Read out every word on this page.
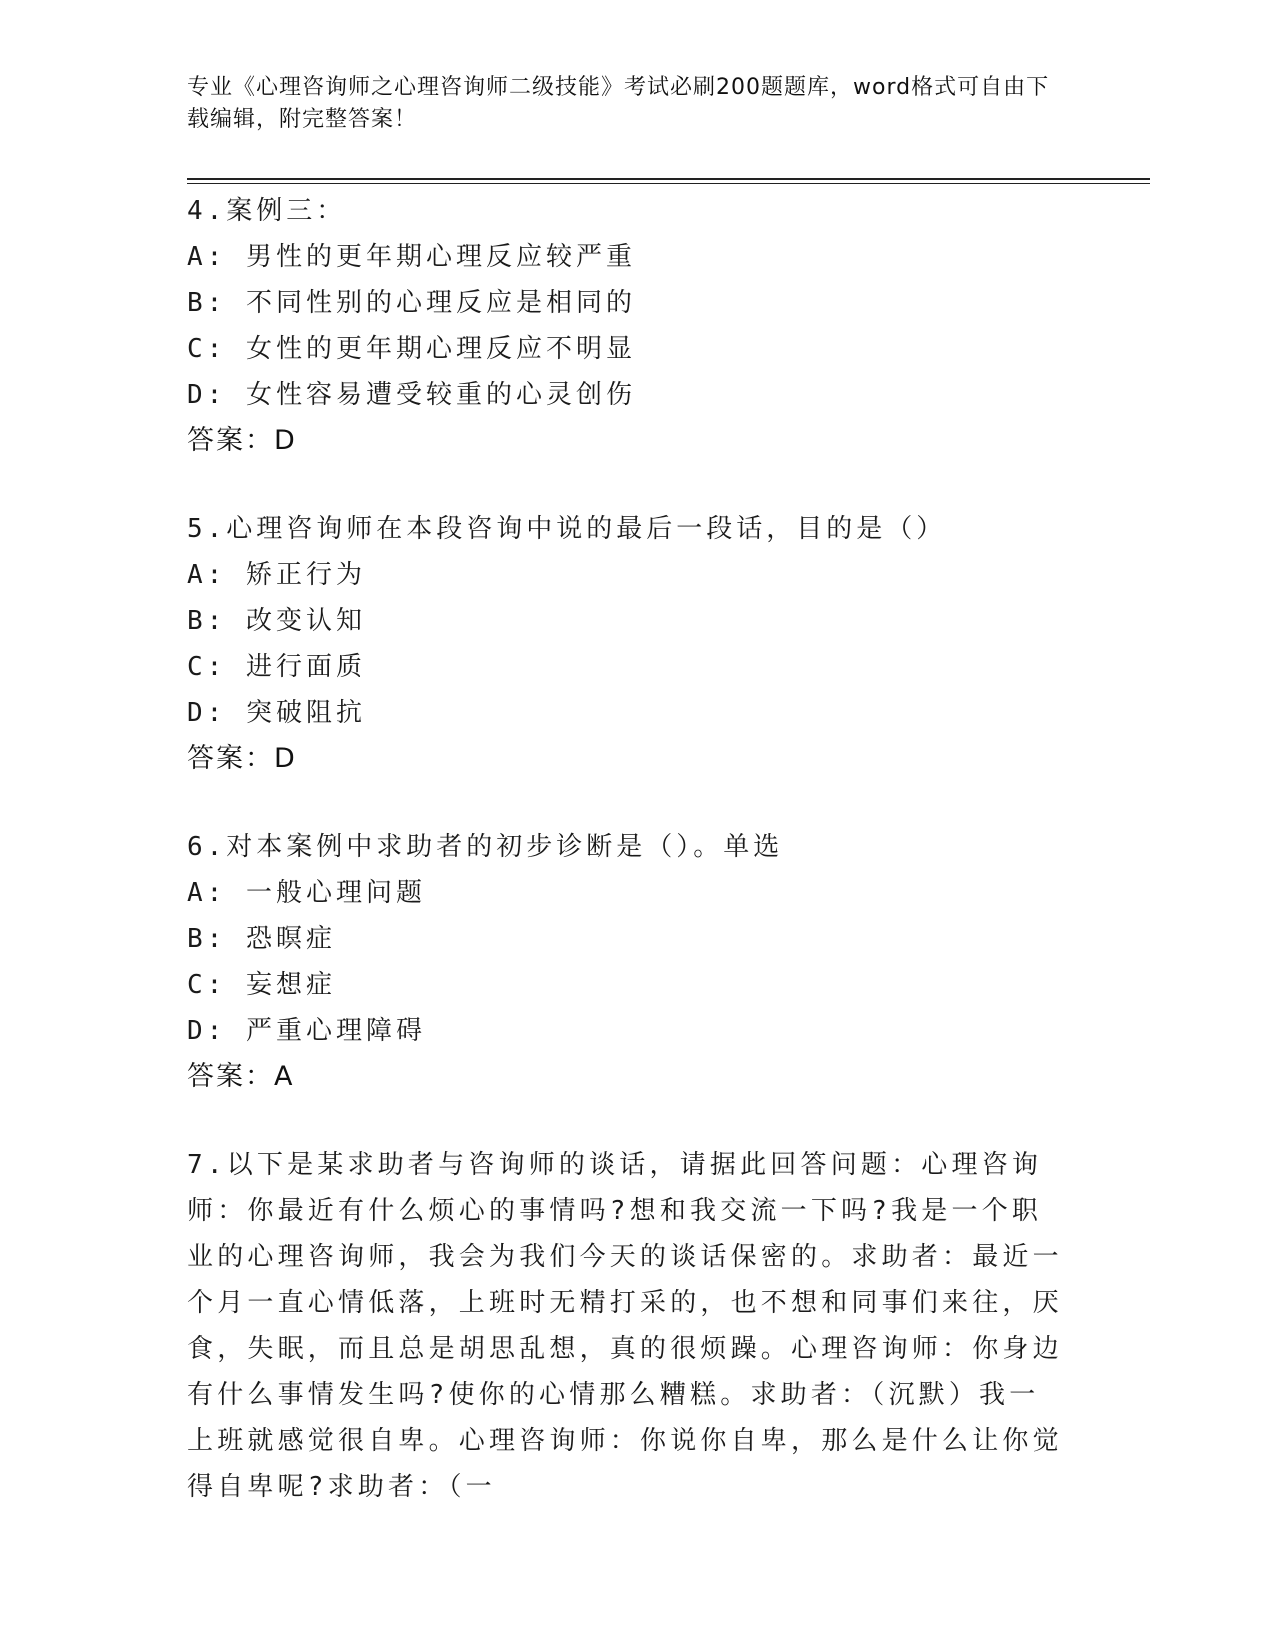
专业《心理咨询师之心理咨询师二级技能》考试必刷200题题库，word格式可自由下载编辑，附完整答案！
4.案例三：
A: 男性的更年期心理反应较严重
B: 不同性别的心理反应是相同的
C: 女性的更年期心理反应不明显
D: 女性容易遭受较重的心灵创伤
答案：D
5.心理咨询师在本段咨询中说的最后一段话，目的是（）
A: 矫正行为
B: 改变认知
C: 进行面质
D: 突破阻抗
答案：D
6.对本案例中求助者的初步诊断是（）。单选
A: 一般心理问题
B: 恐暝症
C: 妄想症
D: 严重心理障碍
答案：A
7.以下是某求助者与咨询师的谈话，请据此回答问题：心理咨询师：你最近有什么烦心的事情吗?想和我交流一下吗?我是一个职业的心理咨询师，我会为我们今天的谈话保密的。求助者：最近一个月一直心情低落，上班时无精打采的，也不想和同事们来往，厌食，失眠，而且总是胡思乱想，真的很烦躁。心理咨询师：你身边有什么事情发生吗?使你的心情那么糟糕。求助者：（沉默）我一上班就感觉很自卑。心理咨询师：你说你自卑，那么是什么让你觉得自卑呢?求助者：（一
